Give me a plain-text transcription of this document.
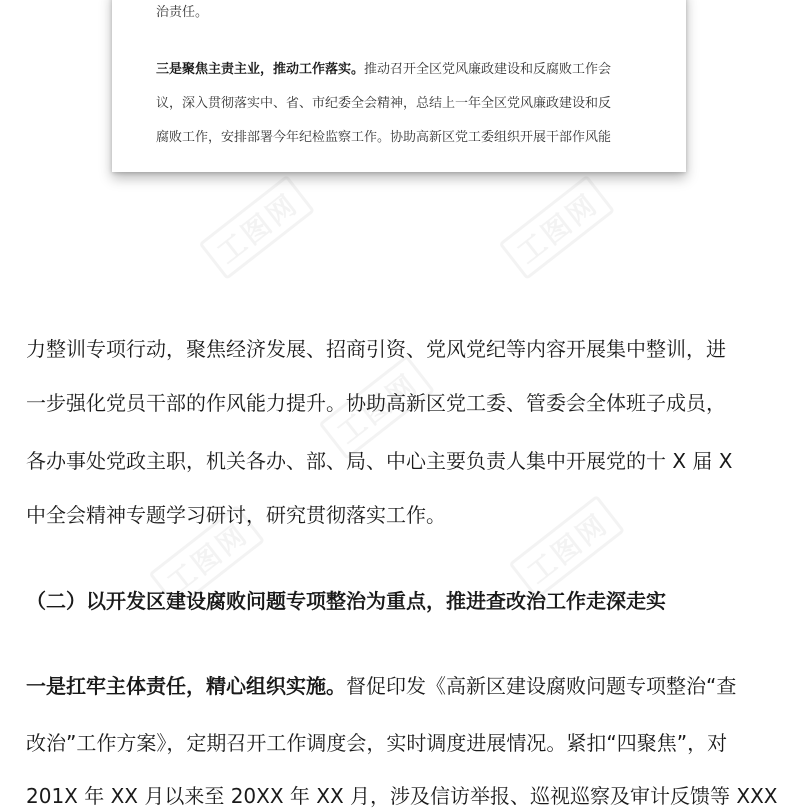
工图网	工图网
工图网
工图网	工图网

治责任。

三是聚焦主责主业，推动工作落实。推动召开全区党风廉政建设和反腐败工作会

议，深入贯彻落实中、省、市纪委全会精神，总结上一年全区党风廉政建设和反

腐败工作，安排部署今年纪检监察工作。协助高新区党工委组织开展干部作风能

力整训专项行动，聚焦经济发展、招商引资、党风党纪等内容开展集中整训，进

一步强化党员干部的作风能力提升。协助高新区党工委、管委会全体班子成员，

各办事处党政主职，机关各办、部、局、中心主要负责人集中开展党的十 X 届 X

中全会精神专题学习研讨，研究贯彻落实工作。

（二）以开发区建设腐败问题专项整治为重点，推进查改治工作走深走实

一是扛牢主体责任，精心组织实施。督促印发《高新区建设腐败问题专项整治“查

改治”工作方案》，定期召开工作调度会，实时调度进展情况。紧扣“四聚焦”，对

201X 年 XX 月以来至 20XX 年 XX 月，涉及信访举报、巡视巡察及审计反馈等 XXX
